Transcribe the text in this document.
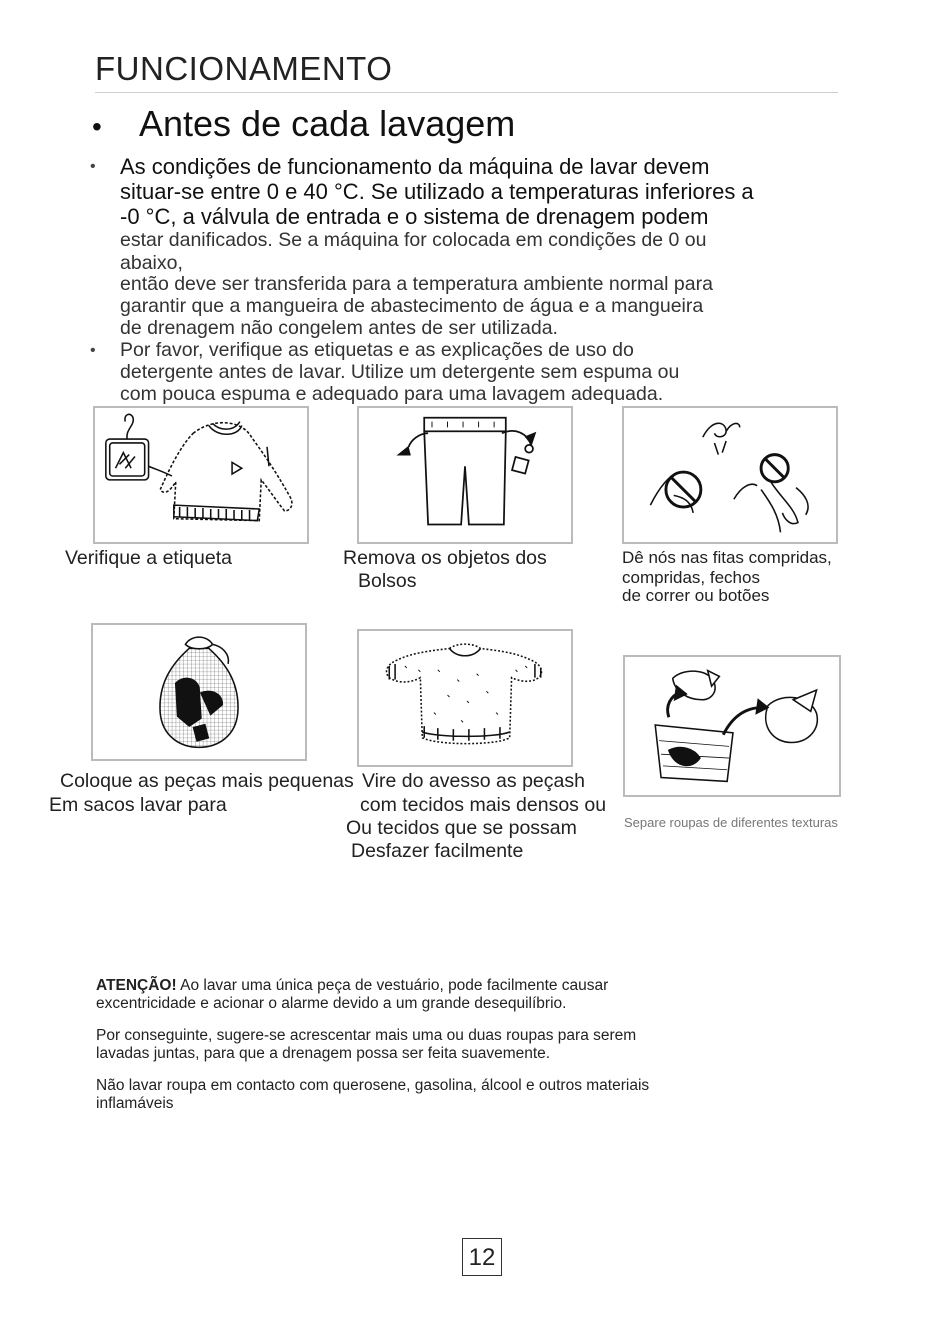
FUNCIONAMENTO
• Antes de cada lavagem
• As condições de funcionamento da máquina de lavar devem
situar-se entre 0 e 40 °C. Se utilizado a temperaturas inferiores a
-0 °C, a válvula de entrada e o sistema de drenagem podem
estar danificados. Se a máquina for colocada em condições de 0 ou
abaixo,
então deve ser transferida para a temperatura ambiente normal para
garantir que a mangueira de abastecimento de água e a mangueira
de drenagem não congelem antes de ser utilizada.
• Por favor, verifique as etiquetas e as explicações de uso do
detergente antes de lavar. Utilize um detergente sem espuma ou
com pouca espuma e adequado para uma lavagem adequada.
Verifique a etiqueta	Remova os objetos dos
Bolsos
Dê nós nas fitas compridas,
compridas, fechos
de correr ou botões
Coloque as peças mais pequenas
Em sacos lavar para
Vire do avesso as peçash
com tecidos mais densos ou
Ou tecidos que se possam
Desfazer facilmente
Separe roupas de diferentes texturas

ATENÇÃO! Ao lavar uma única peça de vestuário, pode facilmente causar excentricidade e acionar o alarme devido a um grande desequilíbrio.

Por conseguinte, sugere-se acrescentar mais uma ou duas roupas para serem lavadas juntas, para que a drenagem possa ser feita suavemente.

Não lavar roupa em contacto com querosene, gasolina, álcool e outros materiais inflamáveis

12
